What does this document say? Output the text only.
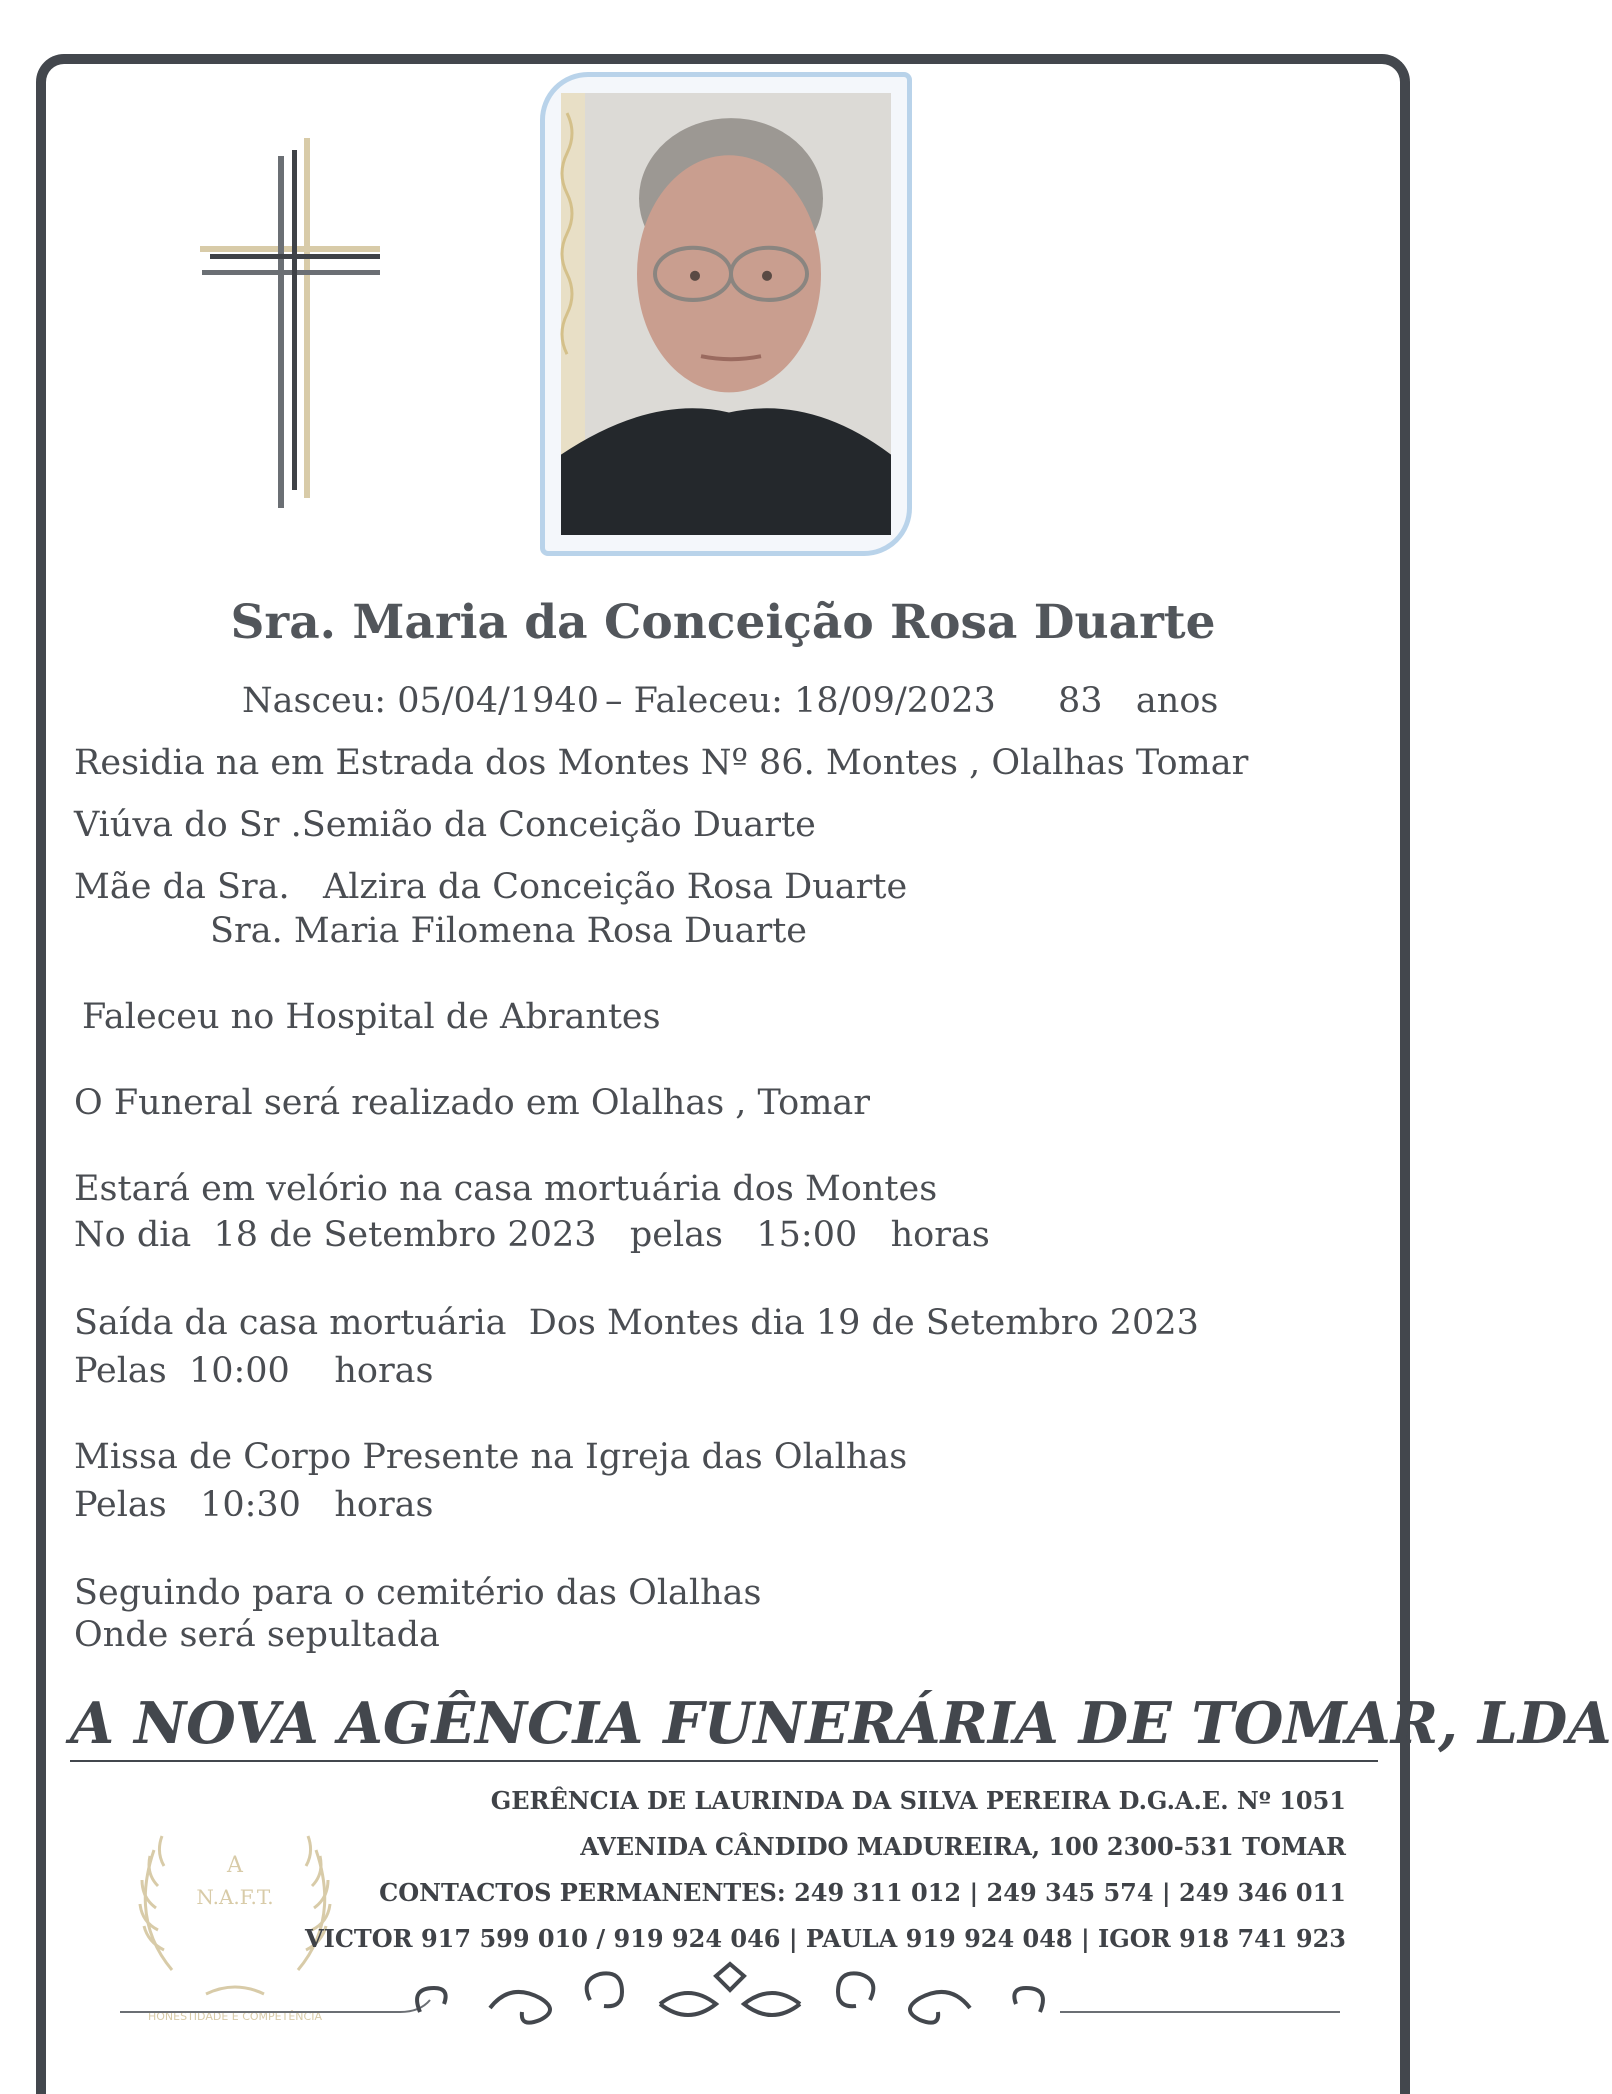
Sra. Maria da Conceição Rosa Duarte
Nasceu: 05/04/1940 – Faleceu: 18/09/2023 83   anos
Residia na em Estrada dos Montes Nº 86. Montes , Olalhas Tomar
Viúva do Sr .Semião da Conceição Duarte
Mãe da Sra.   Alzira da Conceição Rosa Duarte
Sra. Maria Filomena Rosa Duarte
Faleceu no Hospital de Abrantes
O Funeral será realizado em Olalhas , Tomar
Estará em velório na casa mortuária dos Montes
No dia  18 de Setembro 2023   pelas   15:00   horas
Saída da casa mortuária  Dos Montes dia 19 de Setembro 2023
Pelas  10:00    horas
Missa de Corpo Presente na Igreja das Olalhas
Pelas   10:30   horas
Seguindo para o cemitério das Olalhas
Onde será sepultada
A NOVA AGÊNCIA FUNERÁRIA DE TOMAR, LDA
A
N.A.F.T.
HONESTIDADE E COMPETÊNCIA
GERÊNCIA DE LAURINDA DA SILVA PEREIRA D.G.A.E. Nº 1051
AVENIDA CÂNDIDO MADUREIRA, 100 2300-531 TOMAR
CONTACTOS PERMANENTES: 249 311 012 | 249 345 574 | 249 346 011
VICTOR 917 599 010 / 919 924 046 | PAULA 919 924 048 | IGOR 918 741 923
